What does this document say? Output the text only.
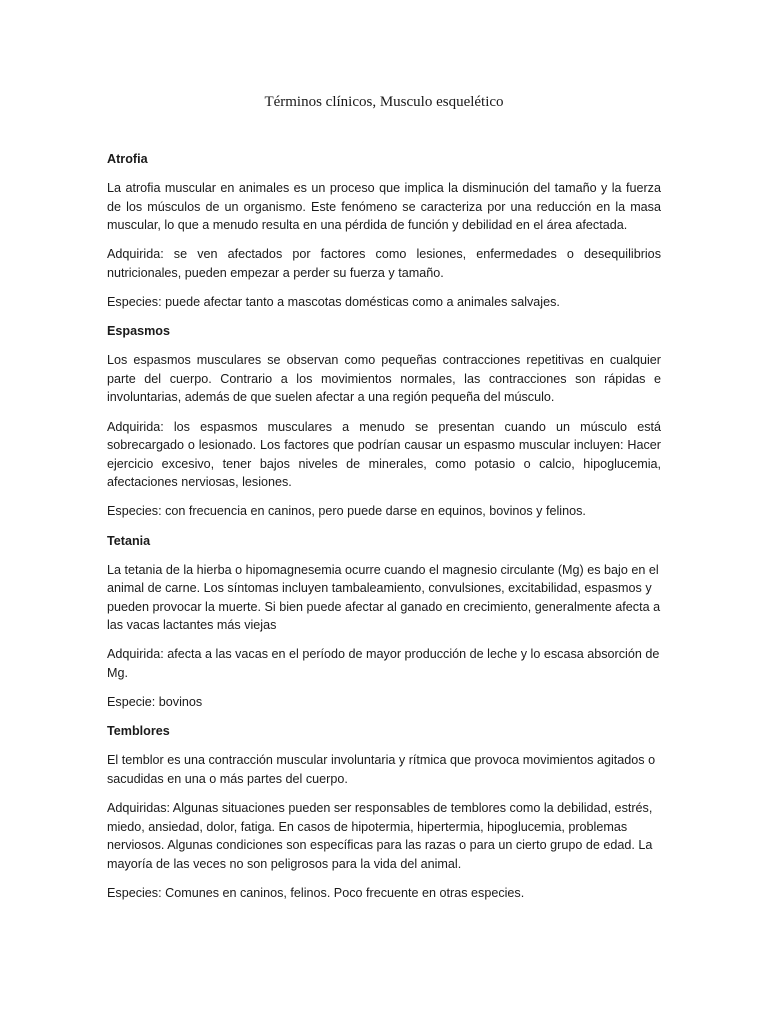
Términos clínicos, Musculo esquelético
Atrofia

La atrofia muscular en animales es un proceso que implica la disminución del tamaño y la fuerza de los músculos de un organismo. Este fenómeno se caracteriza por una reducción en la masa muscular, lo que a menudo resulta en una pérdida de función y debilidad en el área afectada.

Adquirida: se ven afectados por factores como lesiones, enfermedades o desequilibrios nutricionales, pueden empezar a perder su fuerza y tamaño.

Especies: puede afectar tanto a mascotas domésticas como a animales salvajes.

Espasmos

Los espasmos musculares se observan como pequeñas contracciones repetitivas en cualquier parte del cuerpo. Contrario a los movimientos normales, las contracciones son rápidas e involuntarias, además de que suelen afectar a una región pequeña del músculo.

Adquirida: los espasmos musculares a menudo se presentan cuando un músculo está sobrecargado o lesionado. Los factores que podrían causar un espasmo muscular incluyen: Hacer ejercicio excesivo, tener bajos niveles de minerales, como potasio o calcio, hipoglucemia, afectaciones nerviosas, lesiones.

Especies: con frecuencia en caninos, pero puede darse en equinos, bovinos y felinos.

Tetania

La tetania de la hierba o hipomagnesemia ocurre cuando el magnesio circulante (Mg) es bajo en el animal de carne. Los síntomas incluyen tambaleamiento, convulsiones, excitabilidad, espasmos y pueden provocar la muerte. Si bien puede afectar al ganado en crecimiento, generalmente afecta a las vacas lactantes más viejas

Adquirida: afecta a las vacas en el período de mayor producción de leche y lo escasa absorción de Mg.

Especie: bovinos

Temblores

El temblor es una contracción muscular involuntaria y rítmica que provoca movimientos agitados o sacudidas en una o más partes del cuerpo.

Adquiridas: Algunas situaciones pueden ser responsables de temblores como la debilidad, estrés, miedo, ansiedad, dolor, fatiga. En casos de hipotermia, hipertermia, hipoglucemia, problemas nerviosos. Algunas condiciones son específicas para las razas o para un cierto grupo de edad. La mayoría de las veces no son peligrosos para la vida del animal.

Especies: Comunes en caninos, felinos. Poco frecuente en otras especies.
